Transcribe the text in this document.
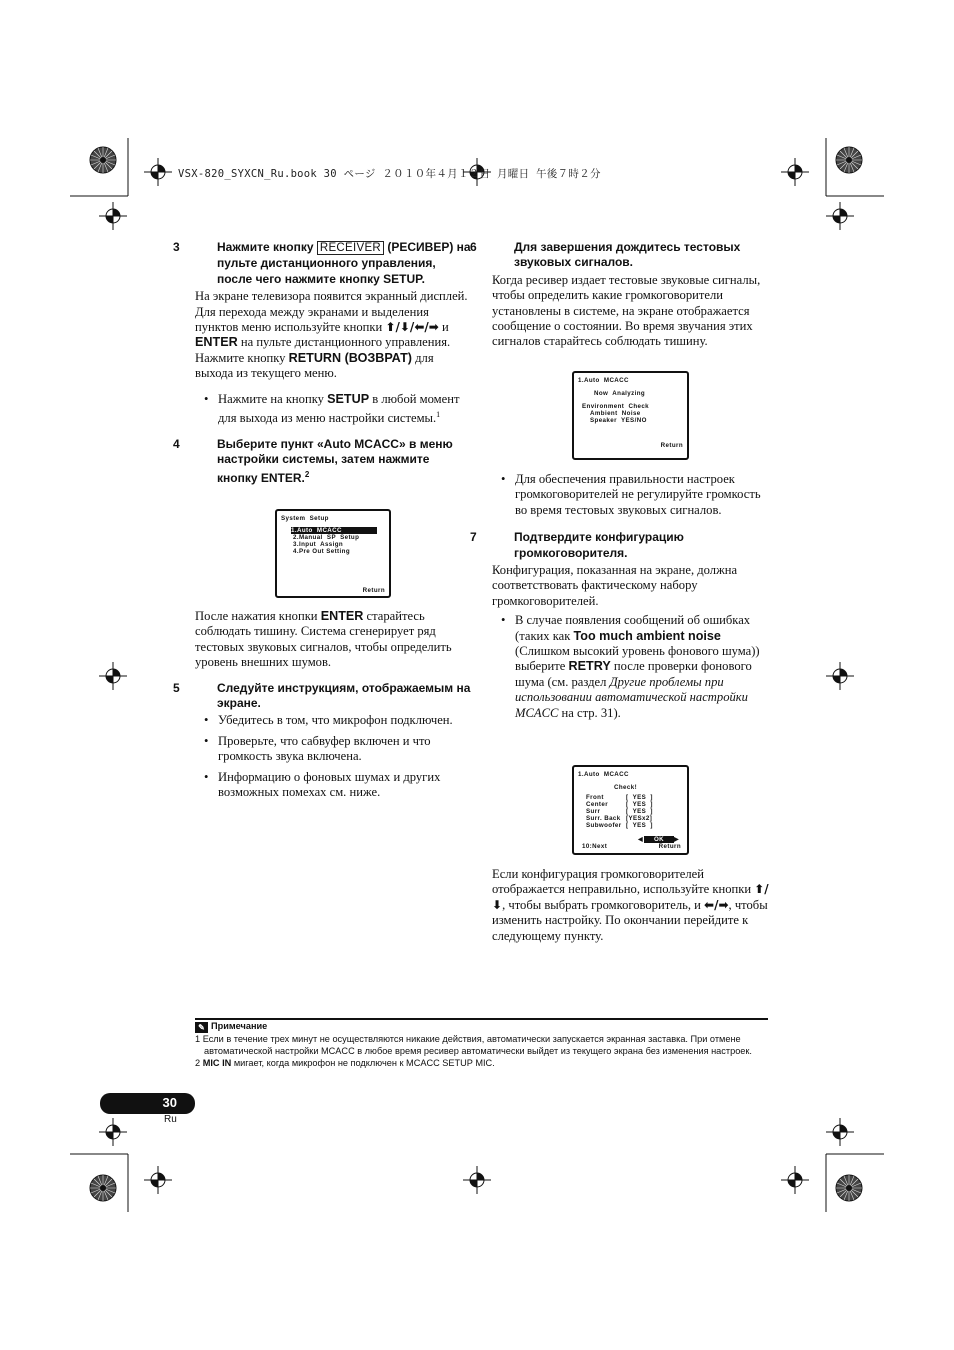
VSX-820_SYXCN_Ru.book 30 ページ ２０１０年４月１２日 月曜日 午後７時２分

3	Нажмите кнопку RECEIVER (РЕСИВЕР) на пульте дистанционного управления, после чего нажмите кнопку SETUP.

На экране телевизора появится экранный дисплей. Для перехода между экранами и выделения пунктов меню используйте кнопки ⬆/⬇/⬅/➡ и ENTER на пульте дистанционного управления. Нажмите кнопку RETURN (ВОЗВРАТ) для выхода из текущего меню.

• Нажмите на кнопку SETUP в любой момент для выхода из меню настройки системы.$^1$

4	Выберите пункт «Auto MCACC» в меню настройки системы, затем нажмите кнопку ENTER.$^2$

System  Setup
1.Auto  MCACC
2.Manual  SP  Setup
3.Input  Assign
4.Pre Out Setting
Return

После нажатия кнопки ENTER старайтесь соблюдать тишину. Система сгенерирует ряд тестовых звуковых сигналов, чтобы определить уровень внешних шумов.

5	Следуйте инструкциям, отображаемым на экране.

• Убедитесь в том, что микрофон подключен.

• Проверьте, что сабвуфер включен и что громкость звука включена.

• Информацию о фоновых шумах и других возможных помехах см. ниже.

6	Для завершения дождитесь тестовых звуковых сигналов.

Когда ресивер издает тестовые звуковые сигналы, чтобы определить какие громкоговорители установлены в системе, на экране отображается сообщение о состоянии. Во время звучания этих сигналов старайтесь соблюдать тишину.

1.Auto  MCACC
Now  Analyzing
Environment  Check
Ambient  Noise
Speaker  YES/NO
Return

• Для обеспечения правильности настроек громкоговорителей не регулируйте громкость во время тестовых звуковых сигналов.

7	Подтвердите конфигурацию громкоговорителя.

Конфигурация, показанная на экране, должна соответствовать фактическому набору громкоговорителей.

• В случае появления сообщений об ошибках (таких как Too much ambient noise (Слишком высокий уровень фонового шума)) выберите RETRY после проверки фонового шума (см. раздел Другие проблемы при использовании автоматической настройки MCACC на стр. 31).

1.Auto  MCACC
Check!
Front	[  YES  ]
Center	[  YES  ]
Surr	[  YES  ]
Surr. Back [YESx2]
Subwoofer [  YES  ]
◀	OK	▶
10:Next	Return

Если конфигурация громкоговорителей отображается неправильно, используйте кнопки ⬆/⬇, чтобы выбрать громкоговоритель, и ⬅/➡, чтобы изменить настройку. По окончании перейдите к следующему пункту.

✎ Примечание

1 Если в течение трех минут не осуществляются никакие действия, автоматически запускается экранная заставка. При отмене автоматической настройки MCACC в любое время ресивер автоматически выйдет из текущего экрана без изменения настроек.

2 MIC IN мигает, когда микрофон не подключен к MCACC SETUP MIC.

30
Ru
